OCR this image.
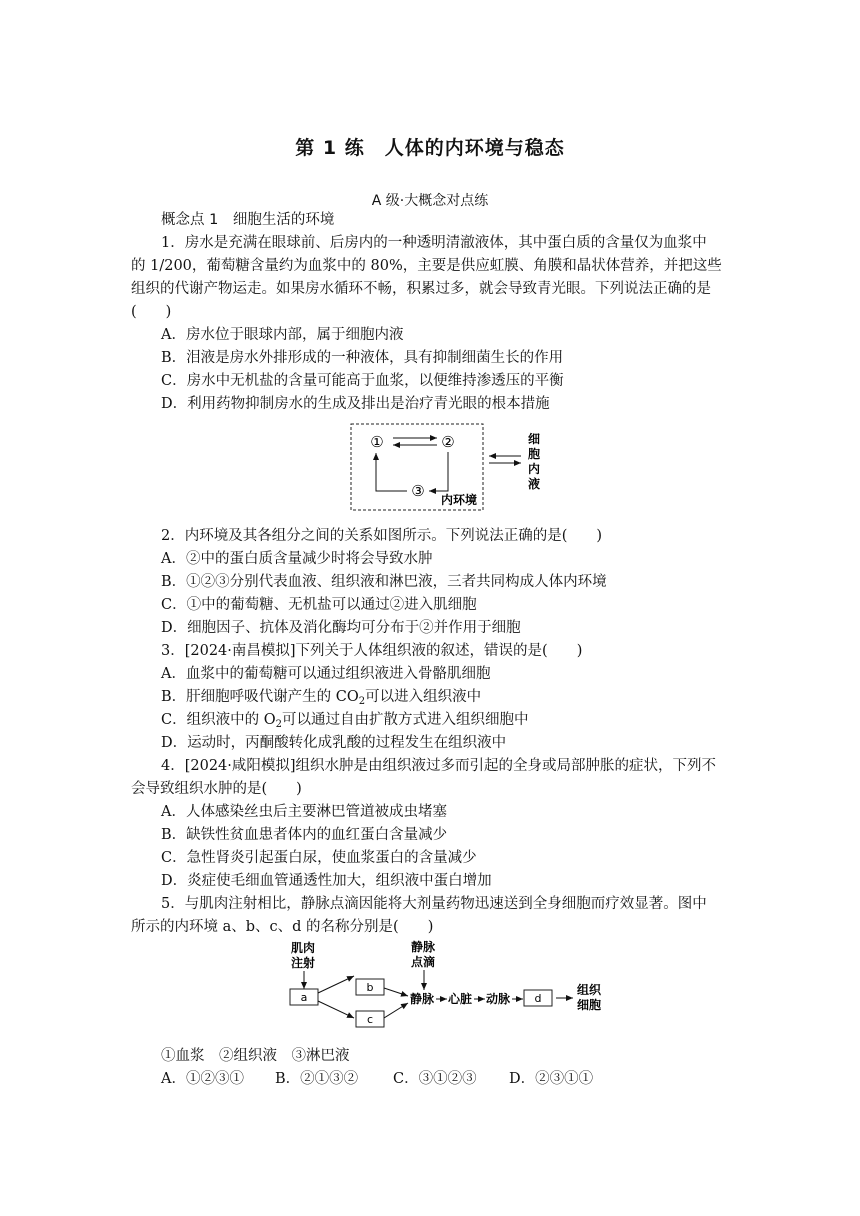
第 1 练　人体的内环境与稳态
A 级·大概念对点练
概念点 1　细胞生活的环境
1．房水是充满在眼球前、后房内的一种透明清澈液体，其中蛋白质的含量仅为血浆中
的 1/200，葡萄糖含量约为血浆中的 80%，主要是供应虹膜、角膜和晶状体营养，并把这些
组织的代谢产物运走。如果房水循环不畅，积累过多，就会导致青光眼。下列说法正确的是
(　　)
A．房水位于眼球内部，属于细胞内液
B．泪液是房水外排形成的一种液体，具有抑制细菌生长的作用
C．房水中无机盐的含量可能高于血浆，以便维持渗透压的平衡
D．利用药物抑制房水的生成及排出是治疗青光眼的根本措施
①	②
③ 内环境
细
胞
内
液
2．内环境及其各组分之间的关系如图所示。下列说法正确的是(　　)
A．②中的蛋白质含量减少时将会导致水肿
B．①②③分别代表血液、组织液和淋巴液，三者共同构成人体内环境
C．①中的葡萄糖、无机盐可以通过②进入肌细胞
D．细胞因子、抗体及消化酶均可分布于②并作用于细胞
3．[2024·南昌模拟]下列关于人体组织液的叙述，错误的是(　　)
A．血浆中的葡萄糖可以通过组织液进入骨骼肌细胞
B．肝细胞呼吸代谢产生的 $CO_2$可以进入组织液中
C．组织液中的 $O_2$可以通过自由扩散方式进入组织细胞中
D．运动时，丙酮酸转化成乳酸的过程发生在组织液中
4．[2024·咸阳模拟]组织水肿是由组织液过多而引起的全身或局部肿胀的症状，下列不
会导致组织水肿的是(　　)
A．人体感染丝虫后主要淋巴管道被成虫堵塞
B．缺铁性贫血患者体内的血红蛋白含量减少
C．急性肾炎引起蛋白尿，使血浆蛋白的含量减少
D．炎症使毛细血管通透性加大，组织液中蛋白增加
5．与肌肉注射相比，静脉点滴因能将大剂量药物迅速送到全身细胞而疗效显著。图中
所示的内环境 a、b、c、d 的名称分别是(　　)
肌肉
注射
a
b
c
静脉
点滴
静脉 心脏 动脉 d
组织
细胞
①血浆　②组织液　③淋巴液
A．①②③① B．②①③② C．③①②③ D．②③①①
